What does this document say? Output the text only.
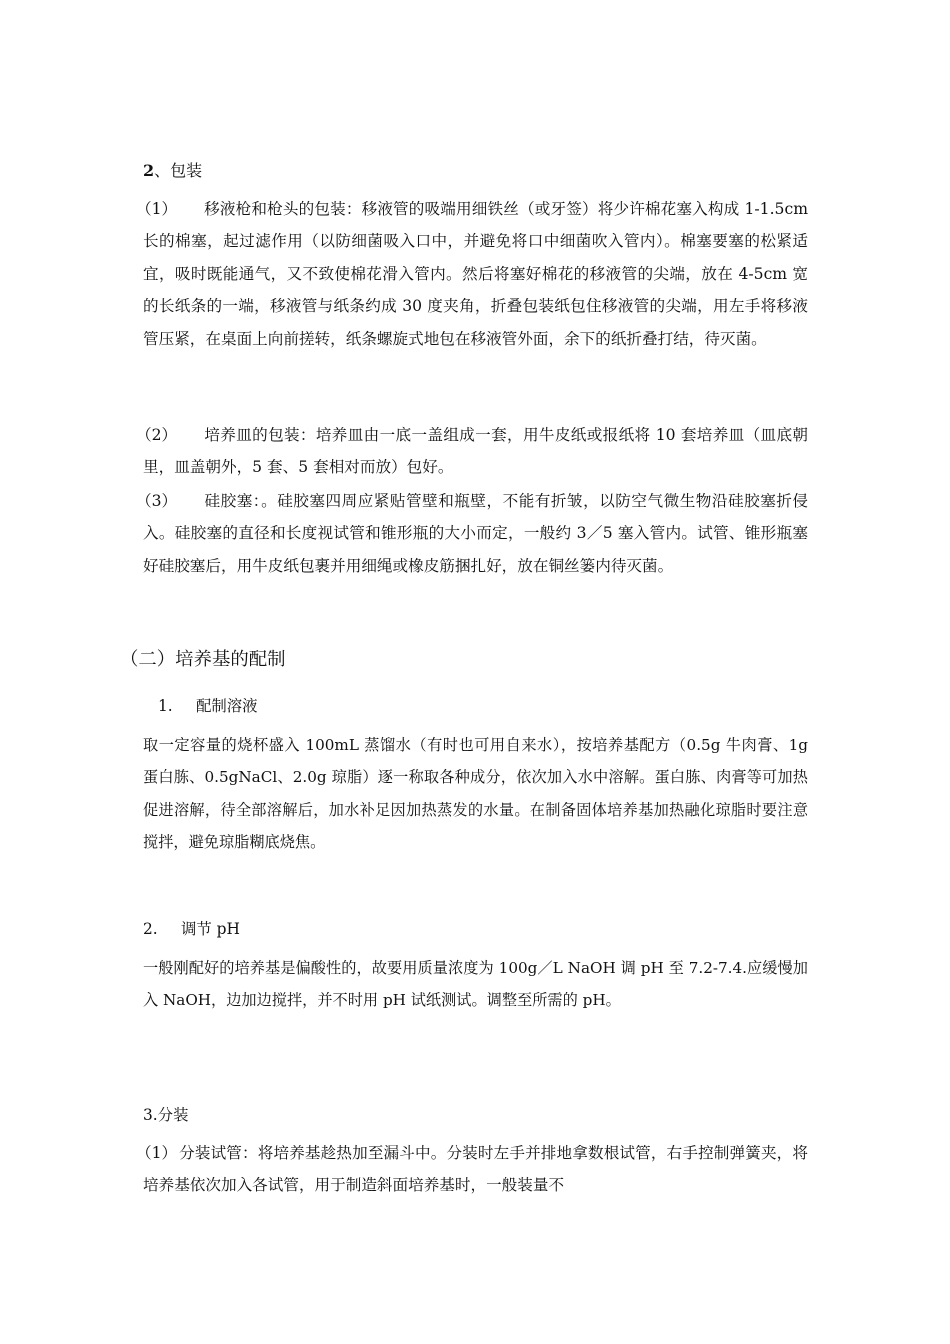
2、包装
（1） 移液枪和枪头的包装：移液管的吸端用细铁丝（或牙签）将少许棉花塞入构成 1-1.5cm 长的棉塞，起过滤作用（以防细菌吸入口中，并避免将口中细菌吹入管内）。棉塞要塞的松紧适宜，吸时既能通气，又不致使棉花滑入管内。然后将塞好棉花的移液管的尖端，放在 4-5cm 宽的长纸条的一端，移液管与纸条约成 30 度夹角，折叠包装纸包住移液管的尖端，用左手将移液管压紧，在桌面上向前搓转，纸条螺旋式地包在移液管外面，余下的纸折叠打结，待灭菌。
（2） 培养皿的包装：培养皿由一底一盖组成一套，用牛皮纸或报纸将 10 套培养皿（皿底朝里，皿盖朝外，5 套、5 套相对而放）包好。
（3） 硅胶塞：。硅胶塞四周应紧贴管壁和瓶壁，不能有折皱，以防空气微生物沿硅胶塞折侵入。硅胶塞的直径和长度视试管和锥形瓶的大小而定，一般约 3／5 塞入管内。试管、锥形瓶塞好硅胶塞后，用牛皮纸包裹并用细绳或橡皮筋捆扎好，放在铜丝篓内待灭菌。
（二）培养基的配制
1. 配制溶液
取一定容量的烧杯盛入 100mL 蒸馏水（有时也可用自来水），按培养基配方（0.5g 牛肉膏、1g 蛋白胨、0.5gNaCl、2.0g 琼脂）逐一称取各种成分，依次加入水中溶解。蛋白胨、肉膏等可加热促进溶解，待全部溶解后，加水补足因加热蒸发的水量。在制备固体培养基加热融化琼脂时要注意搅拌，避免琼脂糊底烧焦。
2. 调节 pH
一般刚配好的培养基是偏酸性的，故要用质量浓度为 100g／L NaOH 调 pH 至 7.2-7.4.应缓慢加入 NaOH，边加边搅拌，并不时用 pH 试纸测试。调整至所需的 pH。
3.分装
（1） 分装试管：将培养基趁热加至漏斗中。分装时左手并排地拿数根试管，右手控制弹簧夹，将培养基依次加入各试管，用于制造斜面培养基时，一般装量不
